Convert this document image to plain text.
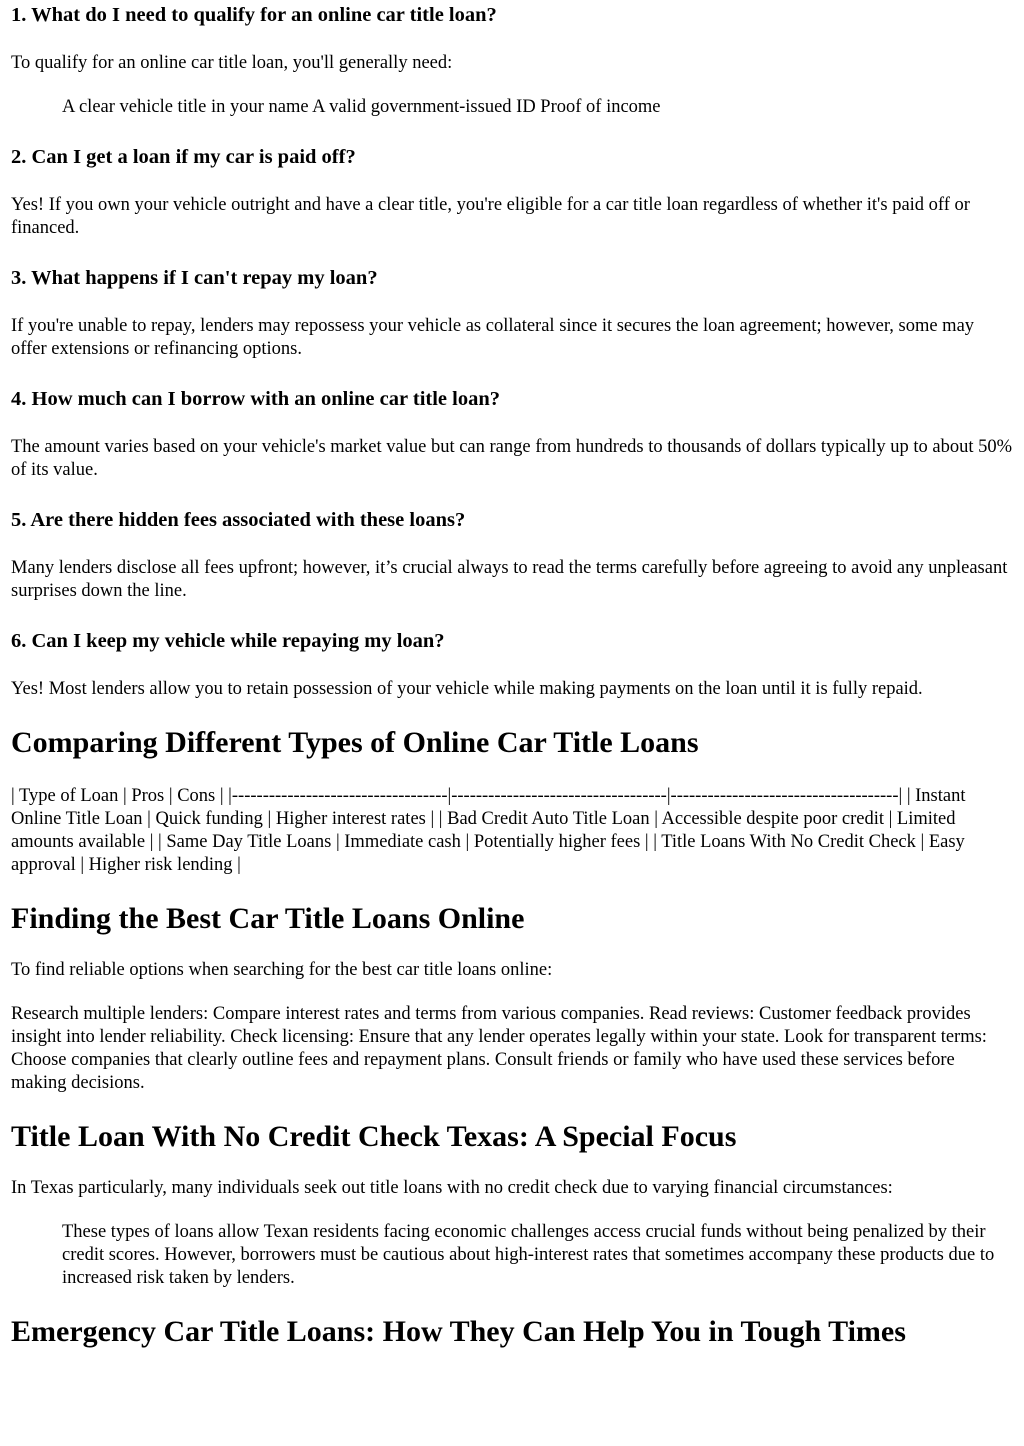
1. What do I need to qualify for an online car title loan?

To qualify for an online car title loan, you'll generally need:

A clear vehicle title in your name A valid government-issued ID Proof of income
2. Can I get a loan if my car is paid off?

Yes! If you own your vehicle outright and have a clear title, you're eligible for a car title loan regardless of whether it's paid off or financed.

3. What happens if I can't repay my loan?

If you're unable to repay, lenders may repossess your vehicle as collateral since it secures the loan agreement; however, some may offer extensions or refinancing options.

4. How much can I borrow with an online car title loan?

The amount varies based on your vehicle's market value but can range from hundreds to thousands of dollars typically up to about 50% of its value.

5. Are there hidden fees associated with these loans?

Many lenders disclose all fees upfront; however, it’s crucial always to read the terms carefully before agreeing to avoid any unpleasant surprises down the line.

6. Can I keep my vehicle while repaying my loan?

Yes! Most lenders allow you to retain possession of your vehicle while making payments on the loan until it is fully repaid.

Comparing Different Types of Online Car Title Loans

| Type of Loan | Pros | Cons | |-----------------------------------|-----------------------------------|-------------------------------------| | Instant Online Title Loan | Quick funding | Higher interest rates | | Bad Credit Auto Title Loan | Accessible despite poor credit | Limited amounts available | | Same Day Title Loans | Immediate cash | Potentially higher fees | | Title Loans With No Credit Check | Easy approval | Higher risk lending |

Finding the Best Car Title Loans Online

To find reliable options when searching for the best car title loans online:

Research multiple lenders: Compare interest rates and terms from various companies. Read reviews: Customer feedback provides insight into lender reliability. Check licensing: Ensure that any lender operates legally within your state. Look for transparent terms: Choose companies that clearly outline fees and repayment plans. Consult friends or family who have used these services before making decisions.

Title Loan With No Credit Check Texas: A Special Focus

In Texas particularly, many individuals seek out title loans with no credit check due to varying financial circumstances:

These types of loans allow Texan residents facing economic challenges access crucial funds without being penalized by their credit scores. However, borrowers must be cautious about high-interest rates that sometimes accompany these products due to increased risk taken by lenders.
Emergency Car Title Loans: How They Can Help You in Tough Times
